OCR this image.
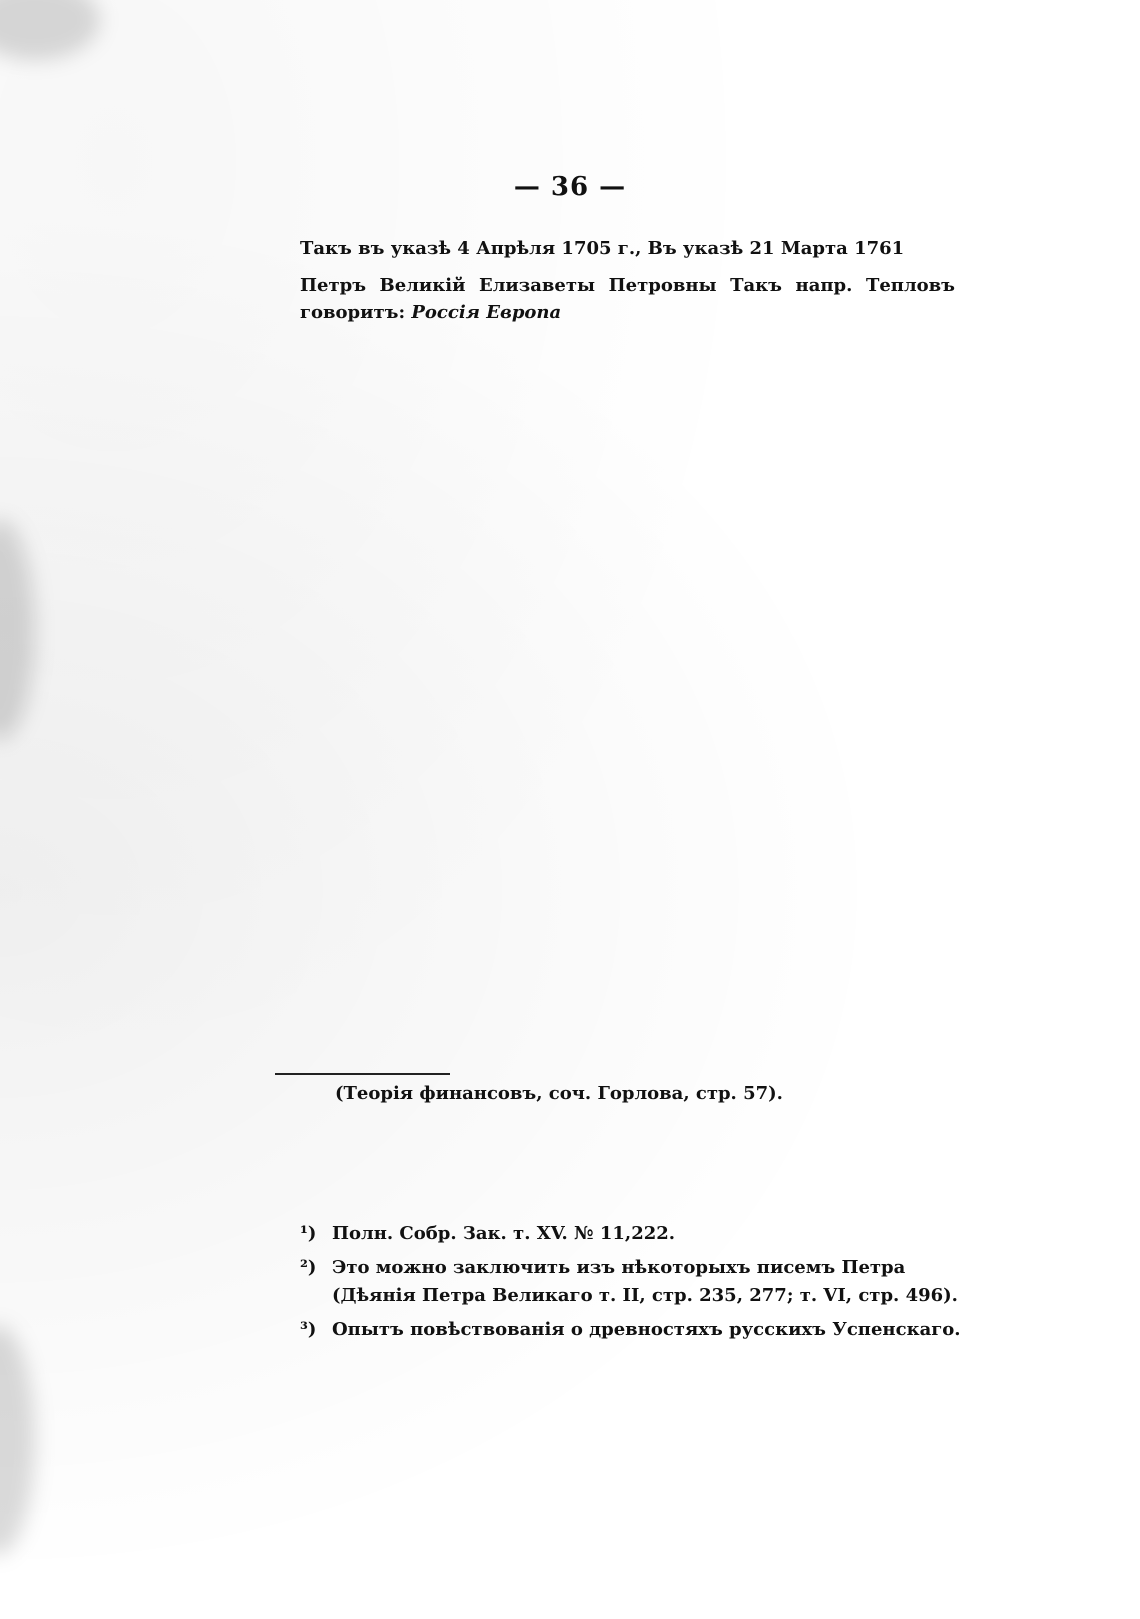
— 36 —

Такъ въ указѣ 4 Апрѣля 1705 г., Въ указѣ 21 Марта 1761

Петръ Великій Елизаветы Петровны Такъ напр. Тепловъ говоритъ: Россія Европа

(Теорія финансовъ, соч. Горлова, стр. 57).
¹) Полн. Собр. Зак. т. XV. № 11,222.
²) Это можно заключить изъ нѣкоторыхъ писемъ Петра (Дѣянія Петра Великаго т. II, стр. 235, 277; т. VI, стр. 496).
³) Опытъ повѣствованія о древностяхъ русскихъ Успенскаго.
